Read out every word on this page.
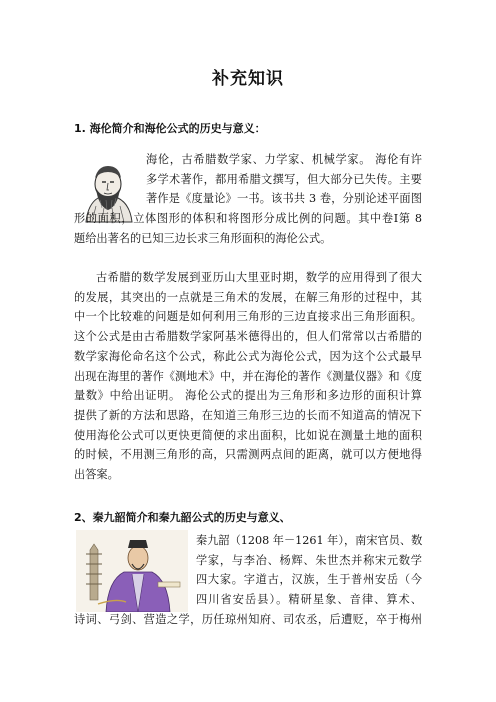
补充知识
1. 海伦简介和海伦公式的历史与意义：
海伦，古希腊数学家、力学家、机械学家。 海伦有许
多学术著作，都用希腊文撰写，但大部分已失传。主要
著作是《度量论》一书。该书共 3 卷，分别论述平面图
形的面积，立体图形的体积和将图形分成比例的问题。其中卷Ⅰ第 8
题给出著名的已知三边长求三角形面积的海伦公式。
古希腊的数学发展到亚历山大里亚时期，数学的应用得到了很大
的发展，其突出的一点就是三角术的发展，在解三角形的过程中，其
中一个比较难的问题是如何利用三角形的三边直接求出三角形面积。
这个公式是由古希腊数学家阿基米德得出的，但人们常常以古希腊的
数学家海伦命名这个公式，称此公式为海伦公式，因为这个公式最早
出现在海里的著作《测地术》中，并在海伦的著作《测量仪器》和《度
量数》中给出证明。 海伦公式的提出为三角形和多边形的面积计算
提供了新的方法和思路，在知道三角形三边的长而不知道高的情况下
使用海伦公式可以更快更简便的求出面积，比如说在测量土地的面积
的时候，不用测三角形的高，只需测两点间的距离，就可以方便地得
出答案。
2、秦九韶简介和秦九韶公式的历史与意义、
秦九韶（1208 年－1261 年），南宋官员、数
学家，与李冶、杨辉、朱世杰并称宋元数学
四大家。字道古，汉族，生于普州安岳（今
四川省安岳县）。精研星象、音律、算术、
诗词、弓剑、营造之学，历任琼州知府、司农丞，后遭贬，卒于梅州
